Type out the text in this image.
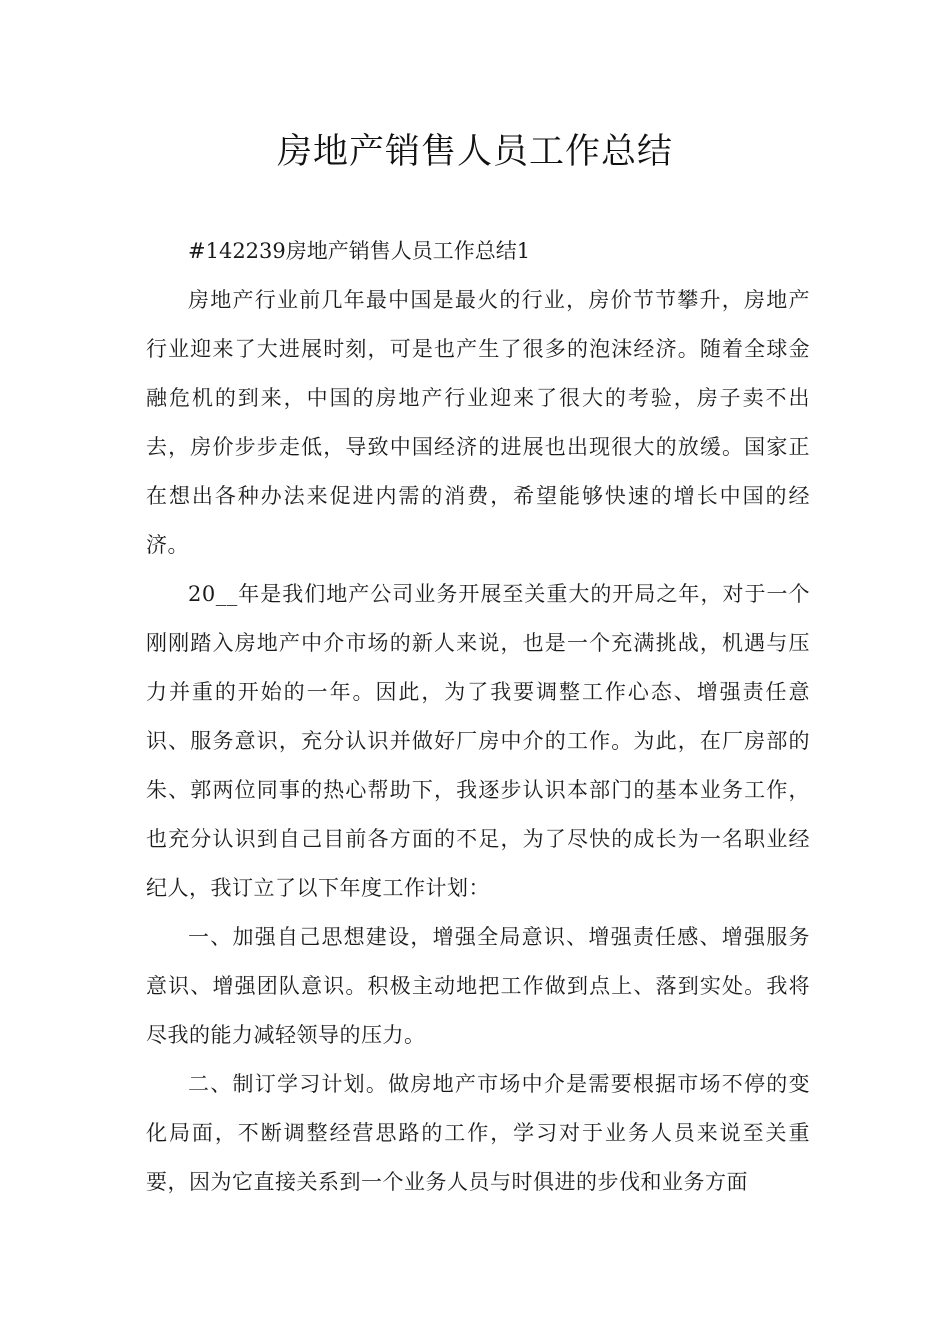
房地产销售人员工作总结

#142239房地产销售人员工作总结1

房地产行业前几年最中国是最火的行业，房价节节攀升，房地产行业迎来了大进展时刻，可是也产生了很多的泡沫经济。随着全球金融危机的到来，中国的房地产行业迎来了很大的考验，房子卖不出去，房价步步走低，导致中国经济的进展也出现很大的放缓。国家正在想出各种办法来促进内需的消费，希望能够快速的增长中国的经济。

20__年是我们地产公司业务开展至关重大的开局之年，对于一个刚刚踏入房地产中介市场的新人来说，也是一个充满挑战，机遇与压力并重的开始的一年。因此，为了我要调整工作心态、增强责任意识、服务意识，充分认识并做好厂房中介的工作。为此，在厂房部的朱、郭两位同事的热心帮助下，我逐步认识本部门的基本业务工作，也充分认识到自己目前各方面的不足，为了尽快的成长为一名职业经纪人，我订立了以下年度工作计划：

一、加强自己思想建设，增强全局意识、增强责任感、增强服务意识、增强团队意识。积极主动地把工作做到点上、落到实处。我将尽我的能力减轻领导的压力。

二、制订学习计划。做房地产市场中介是需要根据市场不停的变化局面，不断调整经营思路的工作，学习对于业务人员来说至关重要，因为它直接关系到一个业务人员与时俱进的步伐和业务方面
